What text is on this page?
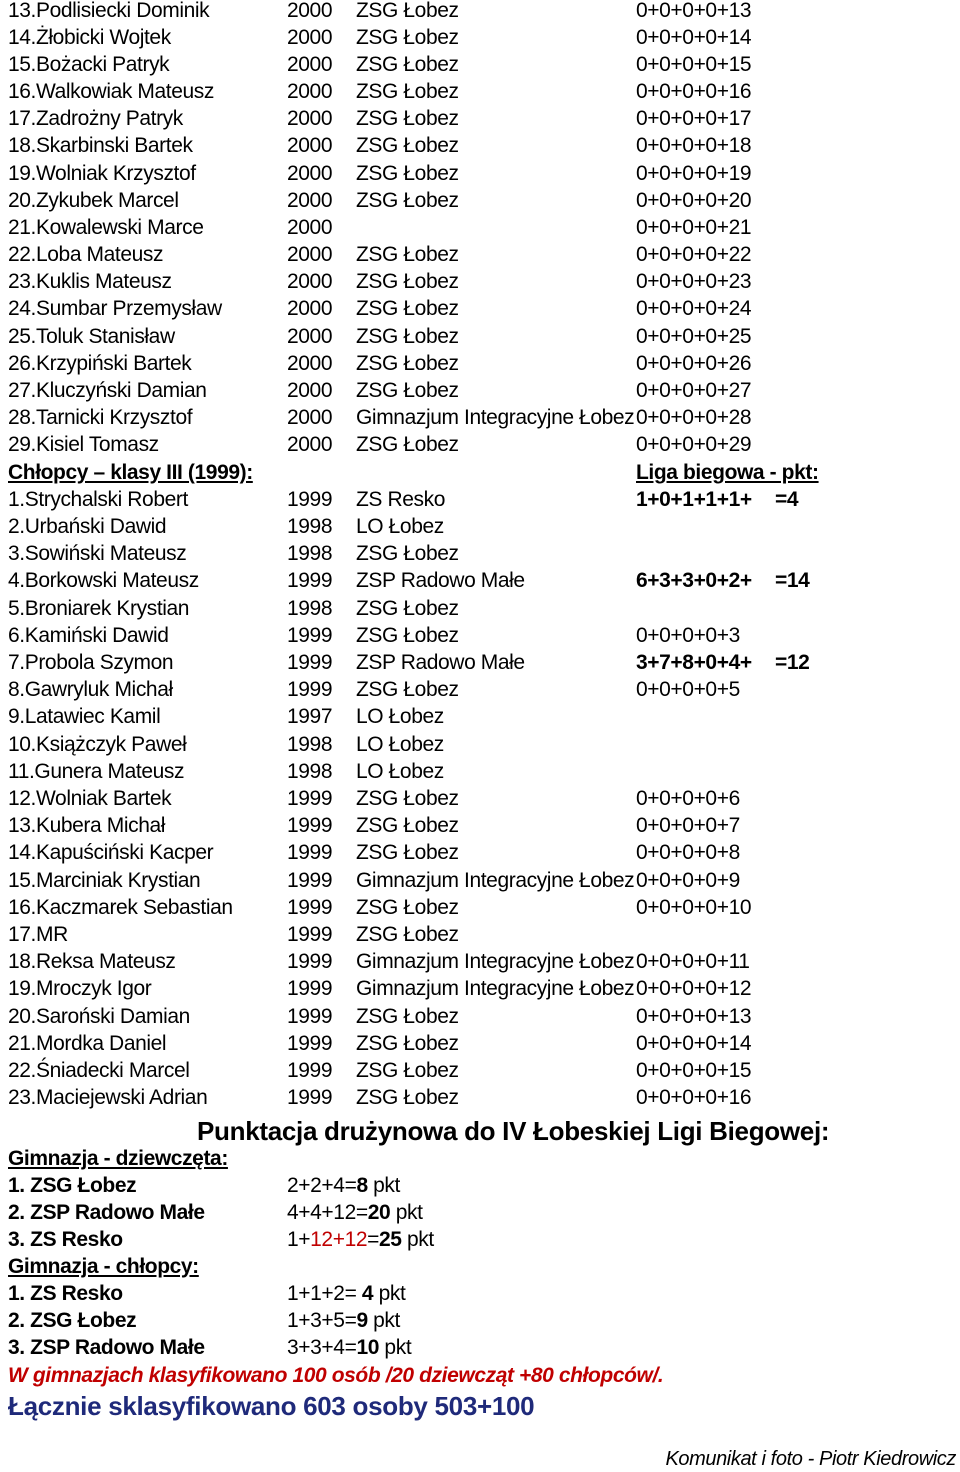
13.Podlisiecki Dominik	2000 ZSG Łobez	0+0+0+0+13
14.Żłobicki Wojtek	2000 ZSG Łobez	0+0+0+0+14
15.Bożacki Patryk	2000 ZSG Łobez	0+0+0+0+15
16.Walkowiak Mateusz	2000 ZSG Łobez	0+0+0+0+16
17.Zadrożny Patryk	2000 ZSG Łobez	0+0+0+0+17
18.Skarbinski Bartek	2000 ZSG Łobez	0+0+0+0+18
19.Wolniak Krzysztof	2000 ZSG Łobez	0+0+0+0+19
20.Zykubek Marcel	2000 ZSG Łobez	0+0+0+0+20
21.Kowalewski Marce	2000	0+0+0+0+21
22.Loba Mateusz	2000 ZSG Łobez	0+0+0+0+22
23.Kuklis Mateusz	2000 ZSG Łobez	0+0+0+0+23
24.Sumbar Przemysław	2000 ZSG Łobez	0+0+0+0+24
25.Toluk Stanisław	2000 ZSG Łobez	0+0+0+0+25
26.Krzypiński Bartek	2000 ZSG Łobez	0+0+0+0+26
27.Kluczyński Damian	2000 ZSG Łobez	0+0+0+0+27
28.Tarnicki Krzysztof	2000 Gimnazjum Integracyjne Łobez 0+0+0+0+28
29.Kisiel Tomasz	2000 ZSG Łobez	0+0+0+0+29
Chłopcy – klasy III (1999):	Liga biegowa - pkt:
1.Strychalski Robert	1999 ZS Resko	1+0+1+1+1+ =4
2.Urbański Dawid	1998 LO Łobez
3.Sowiński Mateusz	1998 ZSG Łobez
4.Borkowski Mateusz	1999 ZSP Radowo Małe	6+3+3+0+2+ =14
5.Broniarek Krystian	1998 ZSG Łobez
6.Kamiński Dawid	1999 ZSG Łobez	0+0+0+0+3
7.Probola Szymon	1999 ZSP Radowo Małe	3+7+8+0+4+ =12
8.Gawryluk Michał	1999 ZSG Łobez	0+0+0+0+5
9.Latawiec Kamil	1997 LO Łobez
10.Książczyk Paweł	1998 LO Łobez
11.Gunera Mateusz	1998 LO Łobez
12.Wolniak Bartek	1999 ZSG Łobez	0+0+0+0+6
13.Kubera Michał	1999 ZSG Łobez	0+0+0+0+7
14.Kapuściński Kacper	1999 ZSG Łobez	0+0+0+0+8
15.Marciniak Krystian	1999 Gimnazjum Integracyjne Łobez 0+0+0+0+9
16.Kaczmarek Sebastian	1999 ZSG Łobez	0+0+0+0+10
17.MR	1999 ZSG Łobez
18.Reksa Mateusz	1999 Gimnazjum Integracyjne Łobez 0+0+0+0+11
19.Mroczyk Igor	1999 Gimnazjum Integracyjne Łobez 0+0+0+0+12
20.Saroński Damian	1999 ZSG Łobez	0+0+0+0+13
21.Mordka Daniel	1999 ZSG Łobez	0+0+0+0+14
22.Śniadecki Marcel	1999 ZSG Łobez	0+0+0+0+15
23.Maciejewski Adrian	1999 ZSG Łobez	0+0+0+0+16
Punktacja drużynowa do IV Łobeskiej Ligi Biegowej:
Gimnazja - dziewczęta:
1. ZSG Łobez	2+2+4=8 pkt
2. ZSP Radowo Małe	4+4+12=20 pkt
3. ZS Resko	1+12+12=25 pkt
Gimnazja - chłopcy:
1. ZS Resko	1+1+2= 4 pkt
2. ZSG Łobez	1+3+5=9 pkt
3. ZSP Radowo Małe	3+3+4=10 pkt
W gimnazjach klasyfikowano 100 osób /20 dziewcząt +80 chłopców/.
Łącznie sklasyfikowano 603 osoby 503+100
Komunikat i foto - Piotr Kiedrowicz
